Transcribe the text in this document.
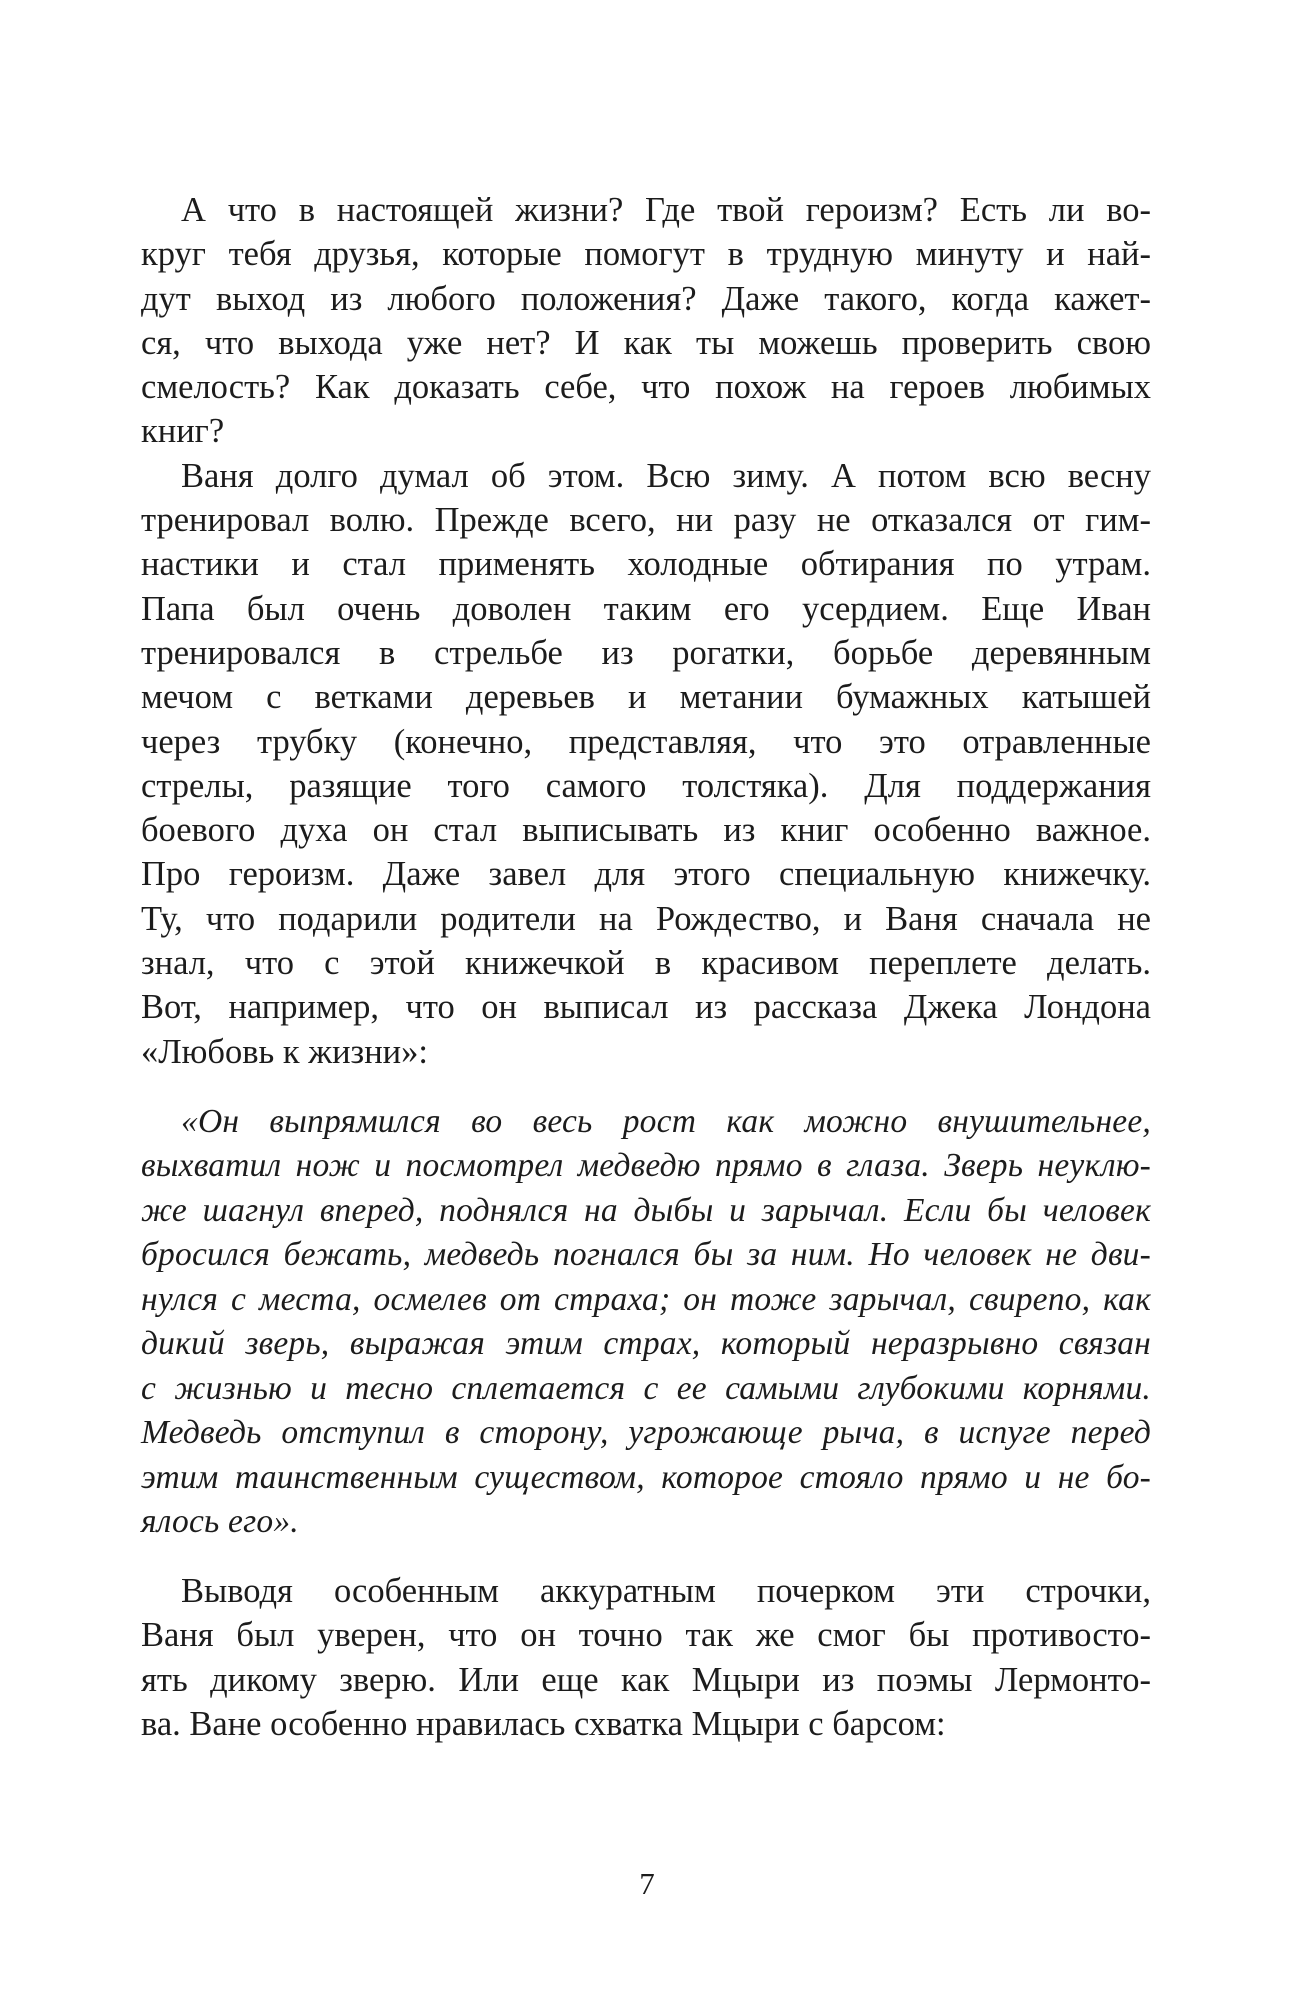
А что в настоящей жизни? Где твой героизм? Есть ли во-
круг тебя друзья, которые помогут в трудную минуту и най-
дут выход из любого положения? Даже такого, когда кажет-
ся, что выхода уже нет? И как ты можешь проверить свою
смелость? Как доказать себе, что похож на героев любимых
книг?
Ваня долго думал об этом. Всю зиму. А потом всю весну
тренировал волю. Прежде всего, ни разу не отказался от гим-
настики и стал применять холодные обтирания по утрам.
Папа был очень доволен таким его усердием. Еще Иван
тренировался в стрельбе из рогатки, борьбе деревянным
мечом с ветками деревьев и метании бумажных катышей
через трубку (конечно, представляя, что это отравленные
стрелы, разящие того самого толстяка). Для поддержания
боевого духа он стал выписывать из книг особенно важное.
Про героизм. Даже завел для этого специальную книжечку.
Ту, что подарили родители на Рождество, и Ваня сначала не
знал, что с этой книжечкой в красивом переплете делать.
Вот, например, что он выписал из рассказа Джека Лондона
«Любовь к жизни»:
«Он выпрямился во весь рост как можно внушительнее,
выхватил нож и посмотрел медведю прямо в глаза. Зверь неуклю-
же шагнул вперед, поднялся на дыбы и зарычал. Если бы человек
бросился бежать, медведь погнался бы за ним. Но человек не дви-
нулся с места, осмелев от страха; он тоже зарычал, свирепо, как
дикий зверь, выражая этим страх, который неразрывно связан
с жизнью и тесно сплетается с ее самыми глубокими корнями.
Медведь отступил в сторону, угрожающе рыча, в испуге перед
этим таинственным существом, которое стояло прямо и не бо-
ялось его».
Выводя особенным аккуратным почерком эти строчки,
Ваня был уверен, что он точно так же смог бы противосто-
ять дикому зверю. Или еще как Мцыри из поэмы Лермонто-
ва. Ване особенно нравилась схватка Мцыри с барсом:
7
